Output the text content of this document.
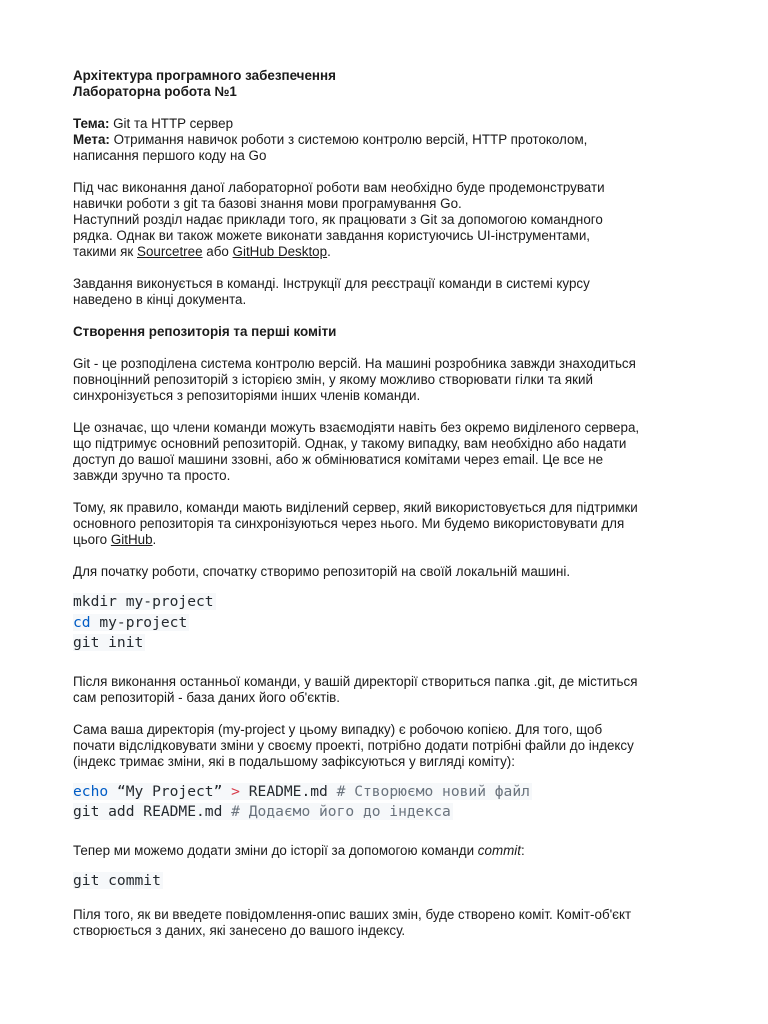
Архітектура програмного забезпечення

Лабораторна робота №1

Тема: Git та HTTP сервер

Мета: Отримання навичок роботи з системою контролю версій, HTTP протоколом,

написання першого коду на Go

Під час виконання даної лабораторної роботи вам необхідно буде продемонструвати

навички роботи з git та базові знання мови програмування Go.

Наступний розділ надає приклади того, як працювати з Git за допомогою командного

рядка. Однак ви також можете виконати завдання користуючись UI-інструментами,

такими як Sourcetree або GitHub Desktop.

Завдання виконується в команді. Інструкції для реєстрації команди в системі курсу

наведено в кінці документа.

Створення репозиторія та перші коміти

Git - це розподілена система контролю версій. На машині розробника завжди знаходиться

повноцінний репозиторій з історією змін, у якому можливо створювати гілки та який

синхронізується з репозиторіями інших членів команди.

Це означає, що члени команди можуть взаємодіяти навіть без окремо виділеного сервера,

що підтримує основний репозиторій. Однак, у такому випадку, вам необхідно або надати

доступ до вашої машини ззовні, або ж обмінюватися комітами через email. Це все не

завжди зручно та просто.

Тому, як правило, команди мають виділений сервер, який використовується для підтримки

основного репозиторія та синхронізуються через нього. Ми будемо використовувати для

цього GitHub.

Для початку роботи, спочатку створимо репозиторій на своїй локальній машині.

mkdir my-project
cd my-project
git init

Після виконання останньої команди, у вашій директорії створиться папка .git, де міститься

сам репозиторій - база даних його об'єктів.

Сама ваша директорія (my-project у цьому випадку) є робочою копією. Для того, щоб

почати відслідковувати зміни у своєму проекті, потрібно додати потрібні файли до індексу

(індекс тримає зміни, які в подальшому зафіксуються у вигляді коміту):

echo “My Project” > README.md # Створюємо новий файл
git add README.md # Додаємо його до індекса

Тепер ми можемо додати зміни до історії за допомогою команди commit:

git commit

Піля того, як ви введете повідомлення-опис ваших змін, буде створено коміт. Коміт-об'єкт

створюється з даних, які занесено до вашого індексу.
